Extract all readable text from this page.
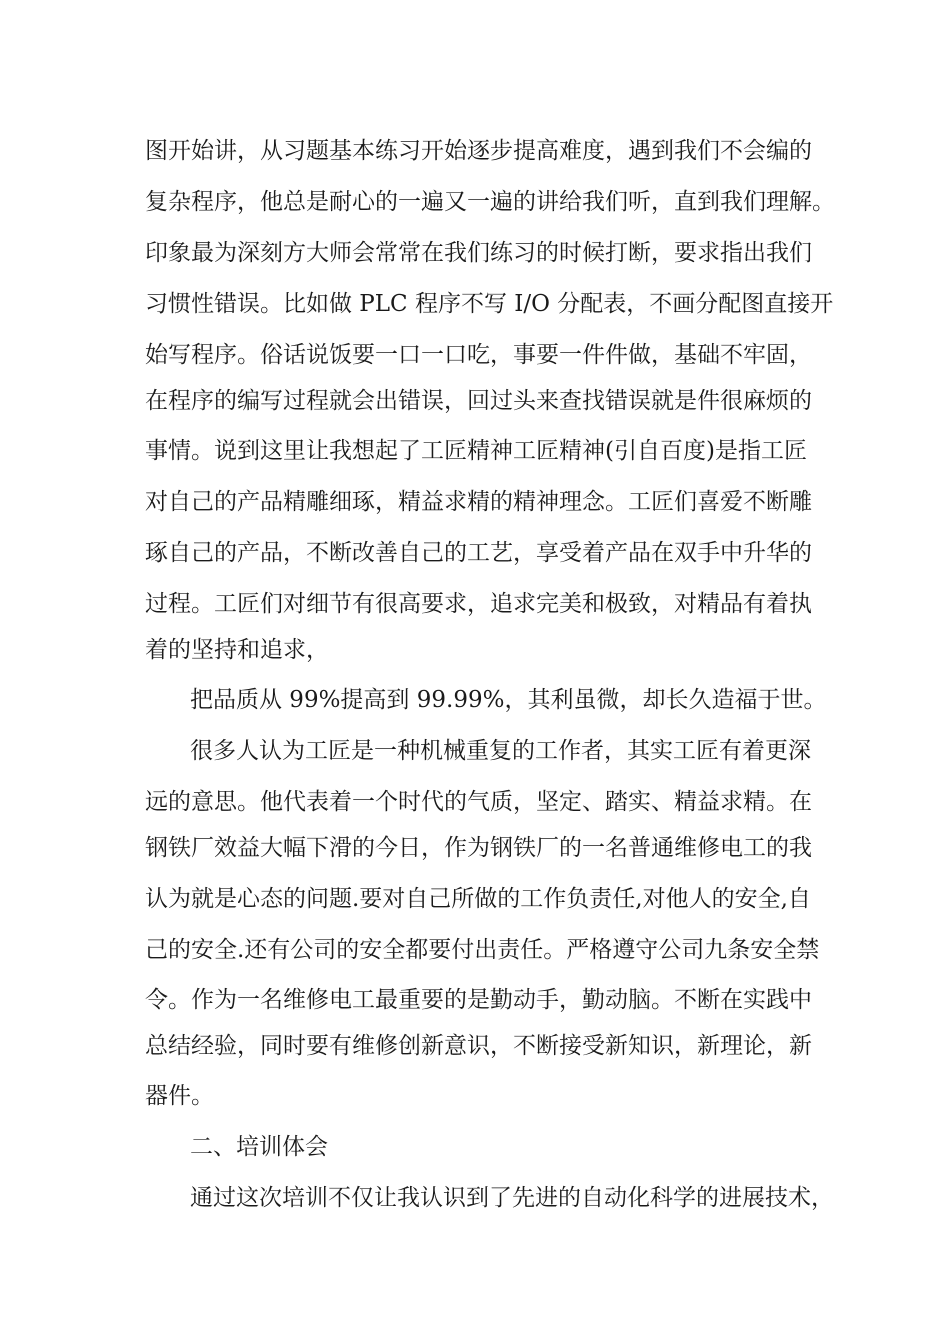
图开始讲，从习题基本练习开始逐步提高难度，遇到我们不会编的
复杂程序，他总是耐心的一遍又一遍的讲给我们听，直到我们理解。
印象最为深刻方大师会常常在我们练习的时候打断，要求指出我们
习惯性错误。比如做 PLC 程序不写 I/O 分配表，不画分配图直接开
始写程序。俗话说饭要一口一口吃，事要一件件做，基础不牢固，
在程序的编写过程就会出错误，回过头来查找错误就是件很麻烦的
事情。说到这里让我想起了工匠精神工匠精神(引自百度)是指工匠
对自己的产品精雕细琢，精益求精的精神理念。工匠们喜爱不断雕
琢自己的产品，不断改善自己的工艺，享受着产品在双手中升华的
过程。工匠们对细节有很高要求，追求完美和极致，对精品有着执
着的坚持和追求，
把品质从 99%提高到 99.99%，其利虽微，却长久造福于世。
很多人认为工匠是一种机械重复的工作者，其实工匠有着更深
远的意思。他代表着一个时代的气质，坚定、踏实、精益求精。在
钢铁厂效益大幅下滑的今日，作为钢铁厂的一名普通维修电工的我
认为就是心态的问题.要对自己所做的工作负责任,对他人的安全,自
己的安全.还有公司的安全都要付出责任。严格遵守公司九条安全禁
令。作为一名维修电工最重要的是勤动手，勤动脑。不断在实践中
总结经验，同时要有维修创新意识，不断接受新知识，新理论，新
器件。
二、培训体会
通过这次培训不仅让我认识到了先进的自动化科学的进展技术，
